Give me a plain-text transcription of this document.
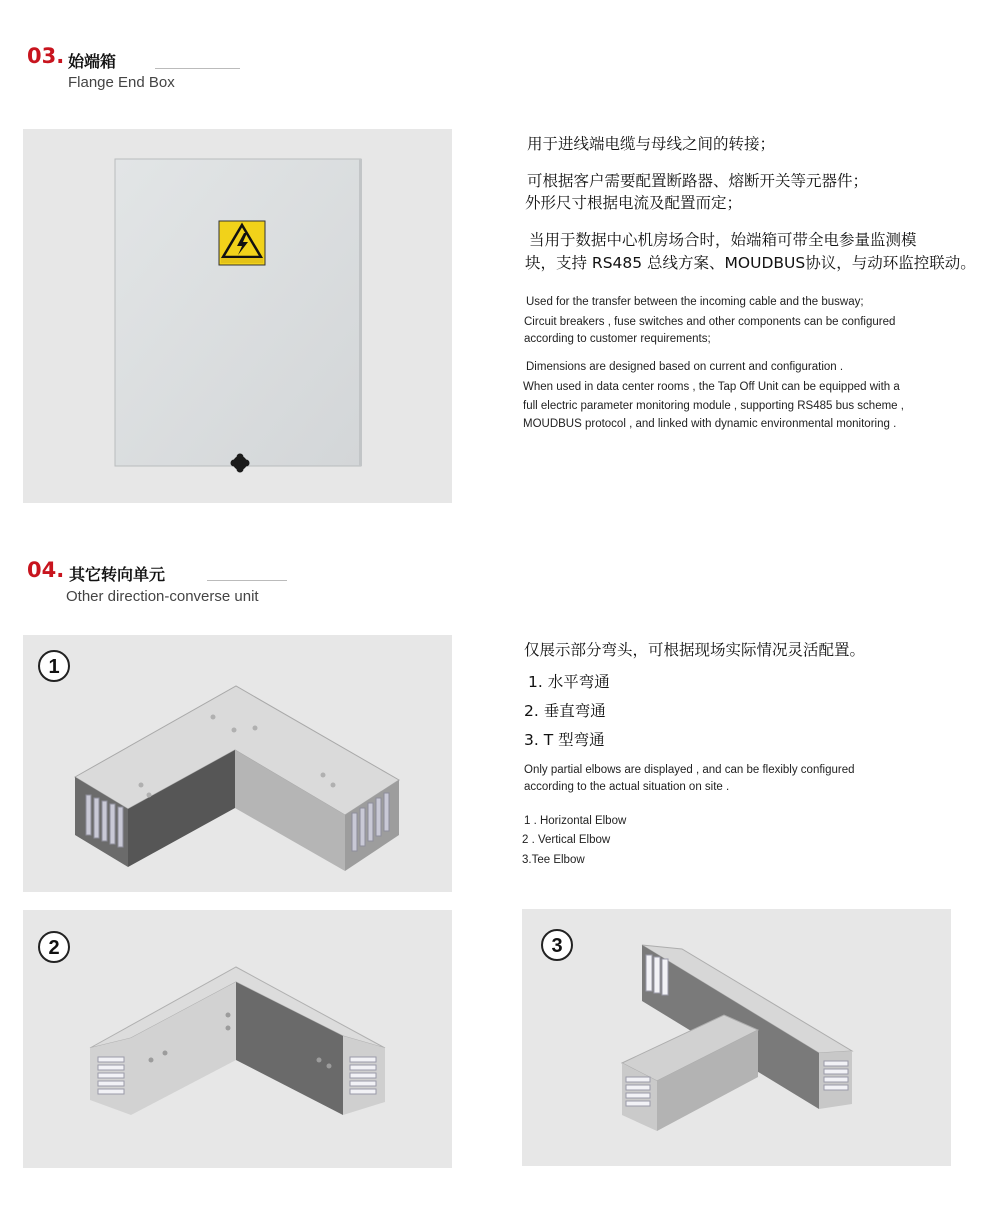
03. 始端箱
Flange End Box
用于进线端电缆与母线之间的转接；
可根据客户需要配置断路器、熔断开关等元器件；
外形尺寸根据电流及配置而定；
当用于数据中心机房场合时，始端箱可带全电参量监测模
块，支持 RS485 总线方案、MOUDBUS协议，与动环监控联动。
Used for the transfer between the incoming cable and the busway;
Circuit breakers , fuse switches and other components can be configured
according to customer requirements;
Dimensions are designed based on current and configuration .
When used in data center rooms , the Tap Off Unit can be equipped with a
full electric parameter monitoring module , supporting RS485 bus scheme ,
MOUDBUS protocol , and linked with dynamic environmental monitoring .
04. 其它转向单元
Other direction-converse unit
1
仅展示部分弯头，可根据现场实际情况灵活配置。
1. 水平弯通
2. 垂直弯通
3. T 型弯通
Only partial elbows are displayed , and can be flexibly configured
according to the actual situation on site .
1 . Horizontal Elbow
2 . Vertical Elbow
3.Tee Elbow
2	3
